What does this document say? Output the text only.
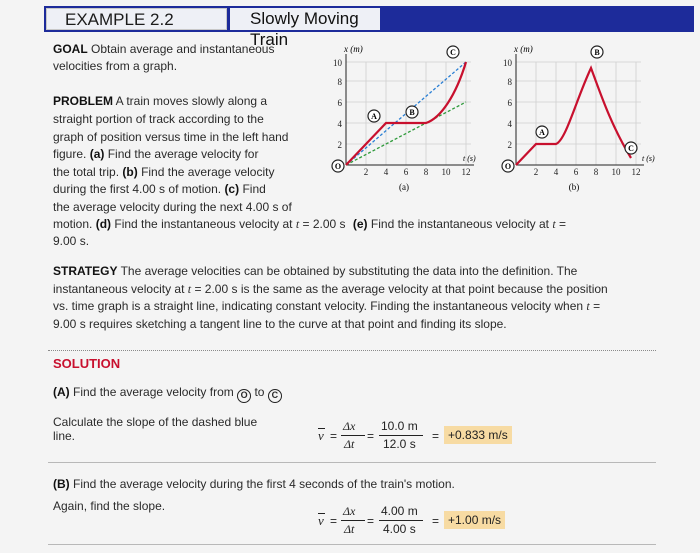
EXAMPLE 2.2	Slowly Moving Train
GOAL Obtain average and instantaneous
velocities from a graph.
PROBLEM A train moves slowly along a
straight portion of track according to the
graph of position versus time in the left hand
figure. (a) Find the average velocity for
the total trip. (b) Find the average velocity
during the first 4.00 s of motion. (c) Find
the average velocity during the next 4.00 s of
motion. (d) Find the instantaneous velocity at t = 2.00 s (e) Find the instantaneous velocity at t =
9.00 s.
10
8
6
4
2
x (m)
2 4 6 8 10 12
t (s)
(a)
O
A	B
C
10
8
6
4
2
x (m)
2 4 6 8 10 12
t (s)
(b)
O
A
B
C
STRATEGY The average velocities can be obtained by substituting the data into the definition. The
instantaneous velocity at t = 2.00 s is the same as the average velocity at that point because the position
vs. time graph is a straight line, indicating constant velocity. Finding the instantaneous velocity when t =
9.00 s requires sketching a tangent line to the curve at that point and finding its slope.
SOLUTION
(A) Find the average velocity from O to C
Calculate the slope of the dashed blue
line.	v =
Δx
Δt
=
10.0 m
12.0 s
= +0.833 m/s
(B) Find the average velocity during the first 4 seconds of the train's motion.
Again, find the slope.
v =
Δx
Δt
=
4.00 m
4.00 s
= +1.00 m/s
